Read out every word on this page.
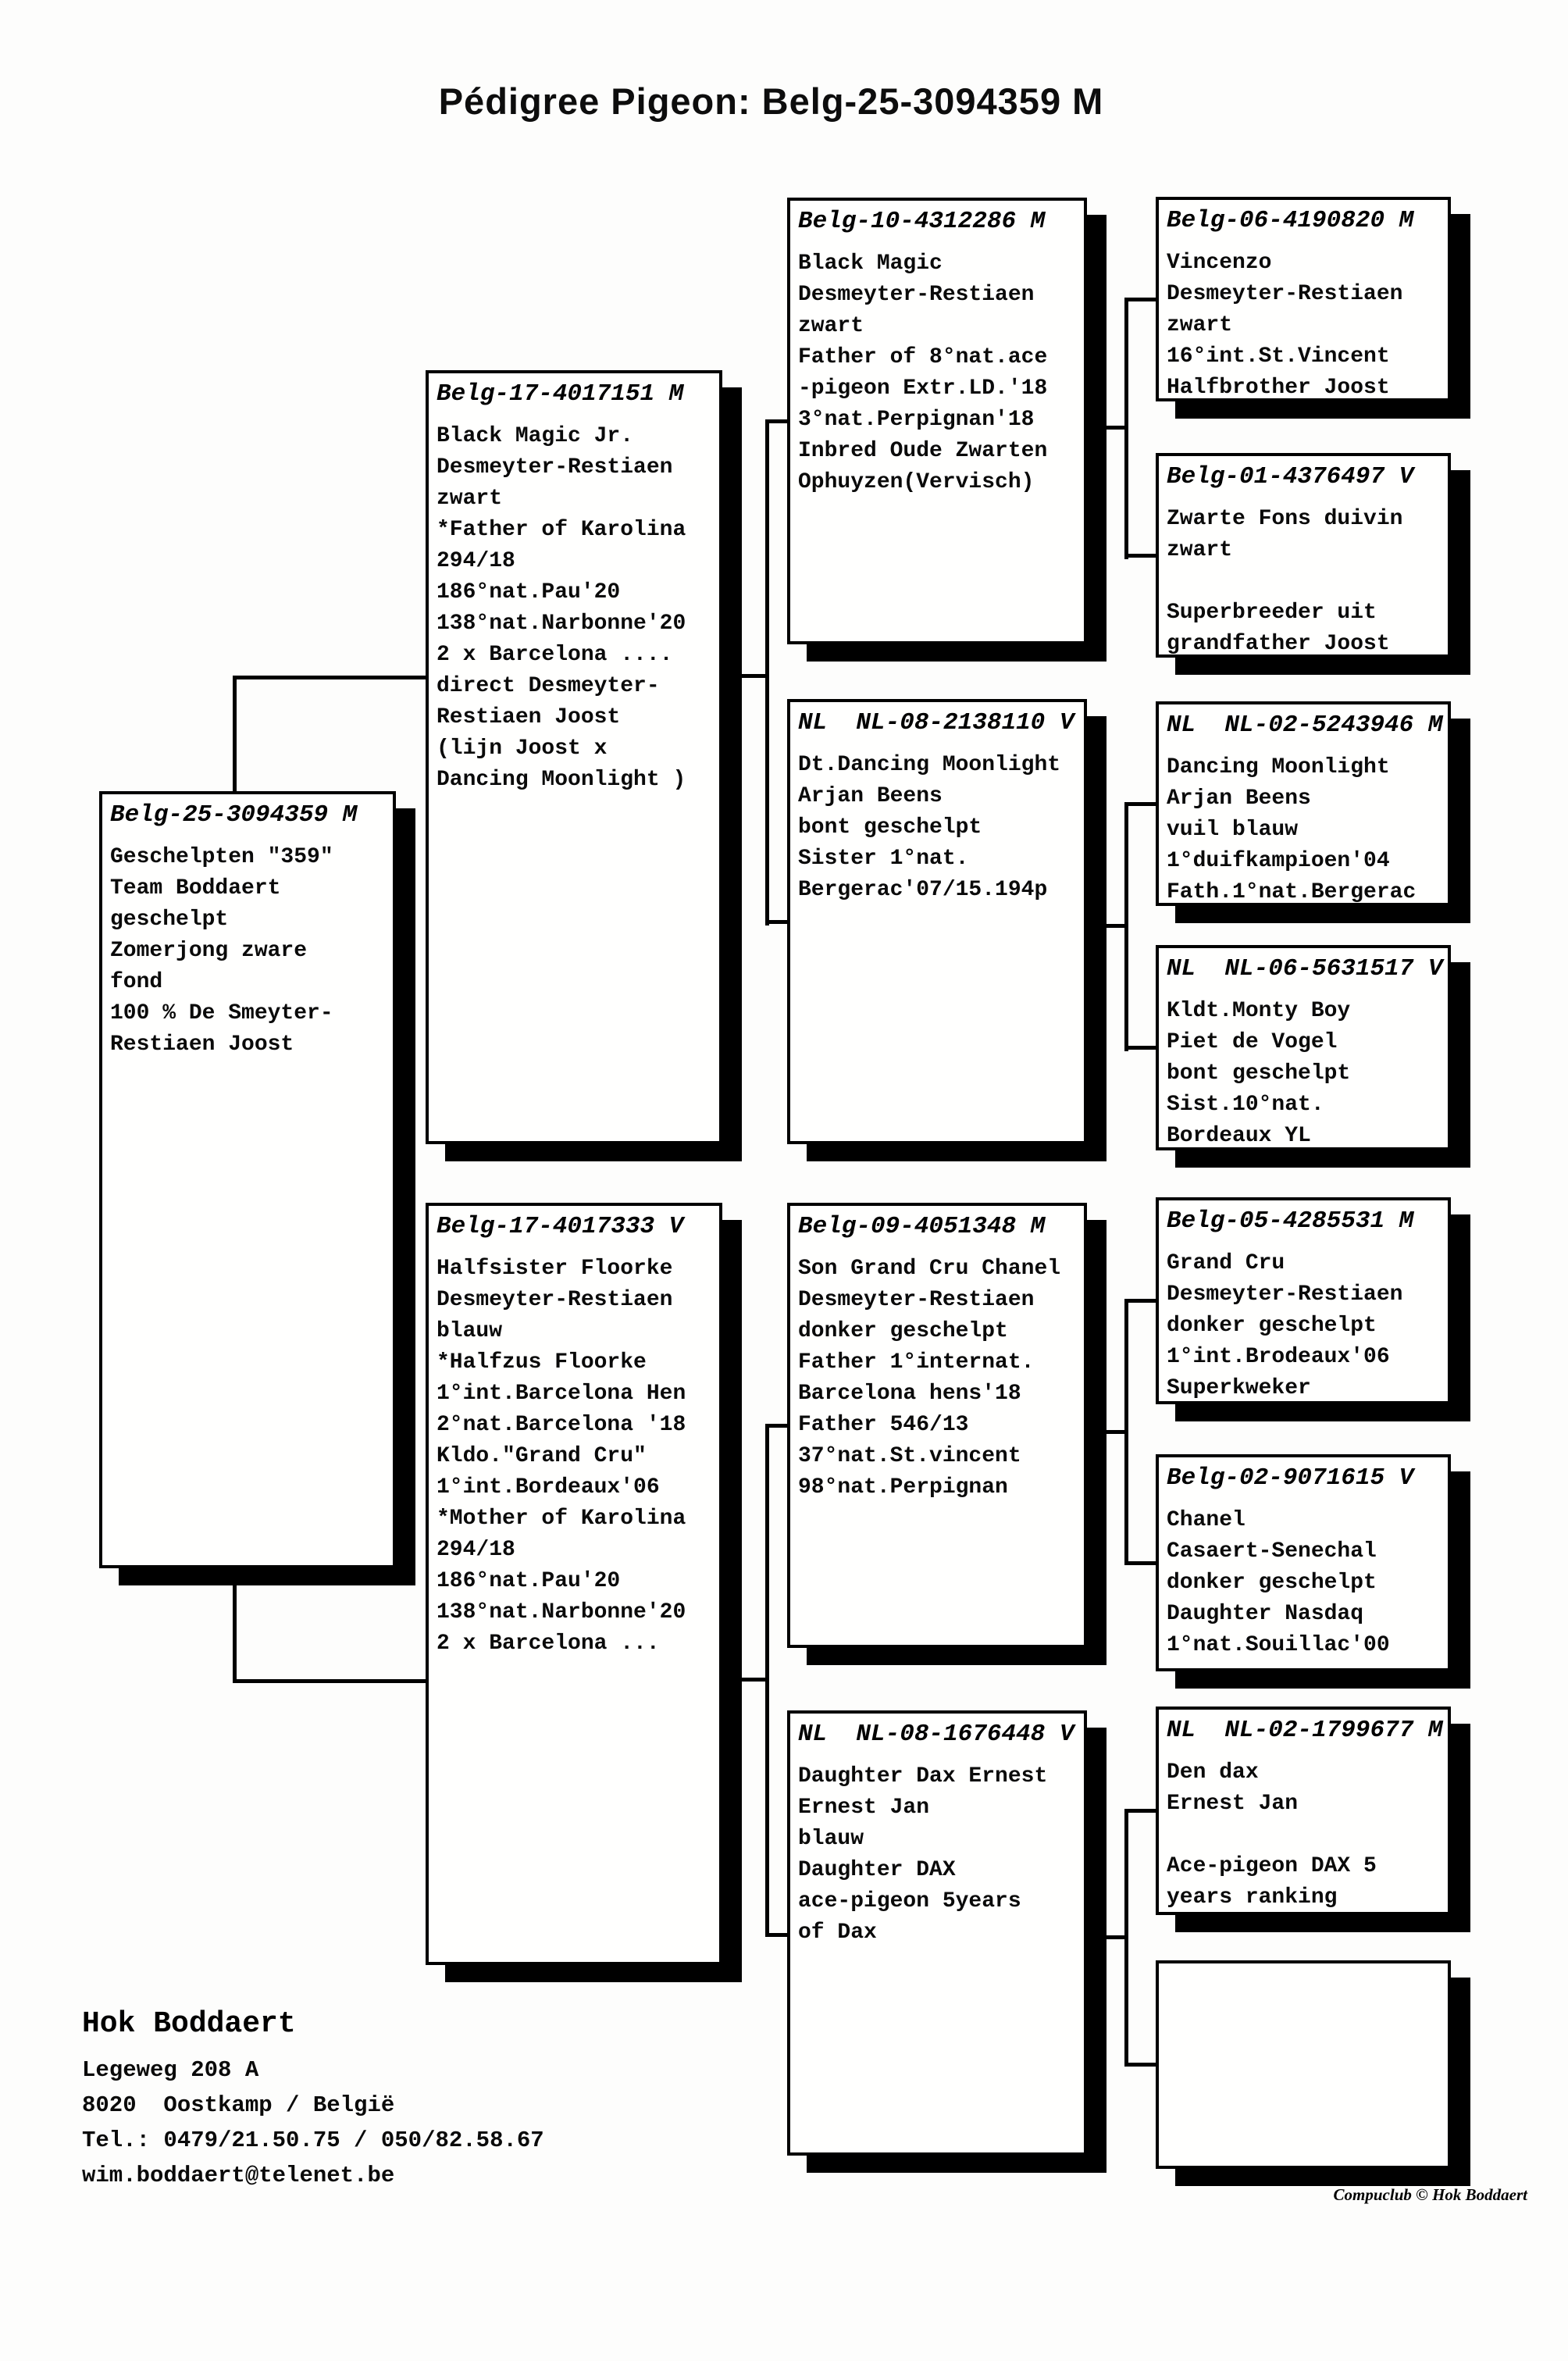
Pédigree Pigeon: Belg-25-3094359 M
Belg-25-3094359 M
Geschelpten "359"
Team Boddaert
geschelpt
Zomerjong zware
fond
100 % De Smeyter-
Restiaen Joost
Belg-17-4017151 M
Black Magic Jr.
Desmeyter-Restiaen
zwart
*Father of Karolina
294/18
186°nat.Pau'20
138°nat.Narbonne'20
2 x Barcelona ....
direct Desmeyter-
Restiaen Joost
(lijn Joost x
Dancing Moonlight )
Belg-17-4017333 V
Halfsister Floorke
Desmeyter-Restiaen
blauw
*Halfzus Floorke
1°int.Barcelona Hen
2°nat.Barcelona '18
Kldo."Grand Cru"
1°int.Bordeaux'06
*Mother of Karolina
294/18
186°nat.Pau'20
138°nat.Narbonne'20
2 x Barcelona ...
Belg-10-4312286 M
Black Magic
Desmeyter-Restiaen
zwart
Father of 8°nat.ace
-pigeon Extr.LD.'18
3°nat.Perpignan'18
Inbred Oude Zwarten
Ophuyzen(Vervisch)
NL  NL-08-2138110 V
Dt.Dancing Moonlight
Arjan Beens
bont geschelpt
Sister 1°nat.
Bergerac'07/15.194p
Belg-09-4051348 M
Son Grand Cru Chanel
Desmeyter-Restiaen
donker geschelpt
Father 1°internat.
Barcelona hens'18
Father 546/13
37°nat.St.vincent
98°nat.Perpignan
NL  NL-08-1676448 V
Daughter Dax Ernest
Ernest Jan
blauw
Daughter DAX
ace-pigeon 5years
of Dax
Belg-06-4190820 M
Vincenzo
Desmeyter-Restiaen
zwart
16°int.St.Vincent
Halfbrother Joost
Belg-01-4376497 V
Zwarte Fons duivin
zwart

Superbreeder uit
grandfather Joost
NL  NL-02-5243946 M
Dancing Moonlight
Arjan Beens
vuil blauw
1°duifkampioen'04
Fath.1°nat.Bergerac
NL  NL-06-5631517 V
Kldt.Monty Boy
Piet de Vogel
bont geschelpt
Sist.10°nat.
Bordeaux YL
Belg-05-4285531 M
Grand Cru
Desmeyter-Restiaen
donker geschelpt
1°int.Brodeaux'06
Superkweker
Belg-02-9071615 V
Chanel
Casaert-Senechal
donker geschelpt
Daughter Nasdaq
1°nat.Souillac'00
NL  NL-02-1799677 M
Den dax
Ernest Jan

Ace-pigeon DAX 5
years ranking
Hok Boddaert
Legeweg 208 A
8020  Oostkamp / België
Tel.: 0479/21.50.75 / 050/82.58.67
wim.boddaert@telenet.be
Compuclub © Hok Boddaert
